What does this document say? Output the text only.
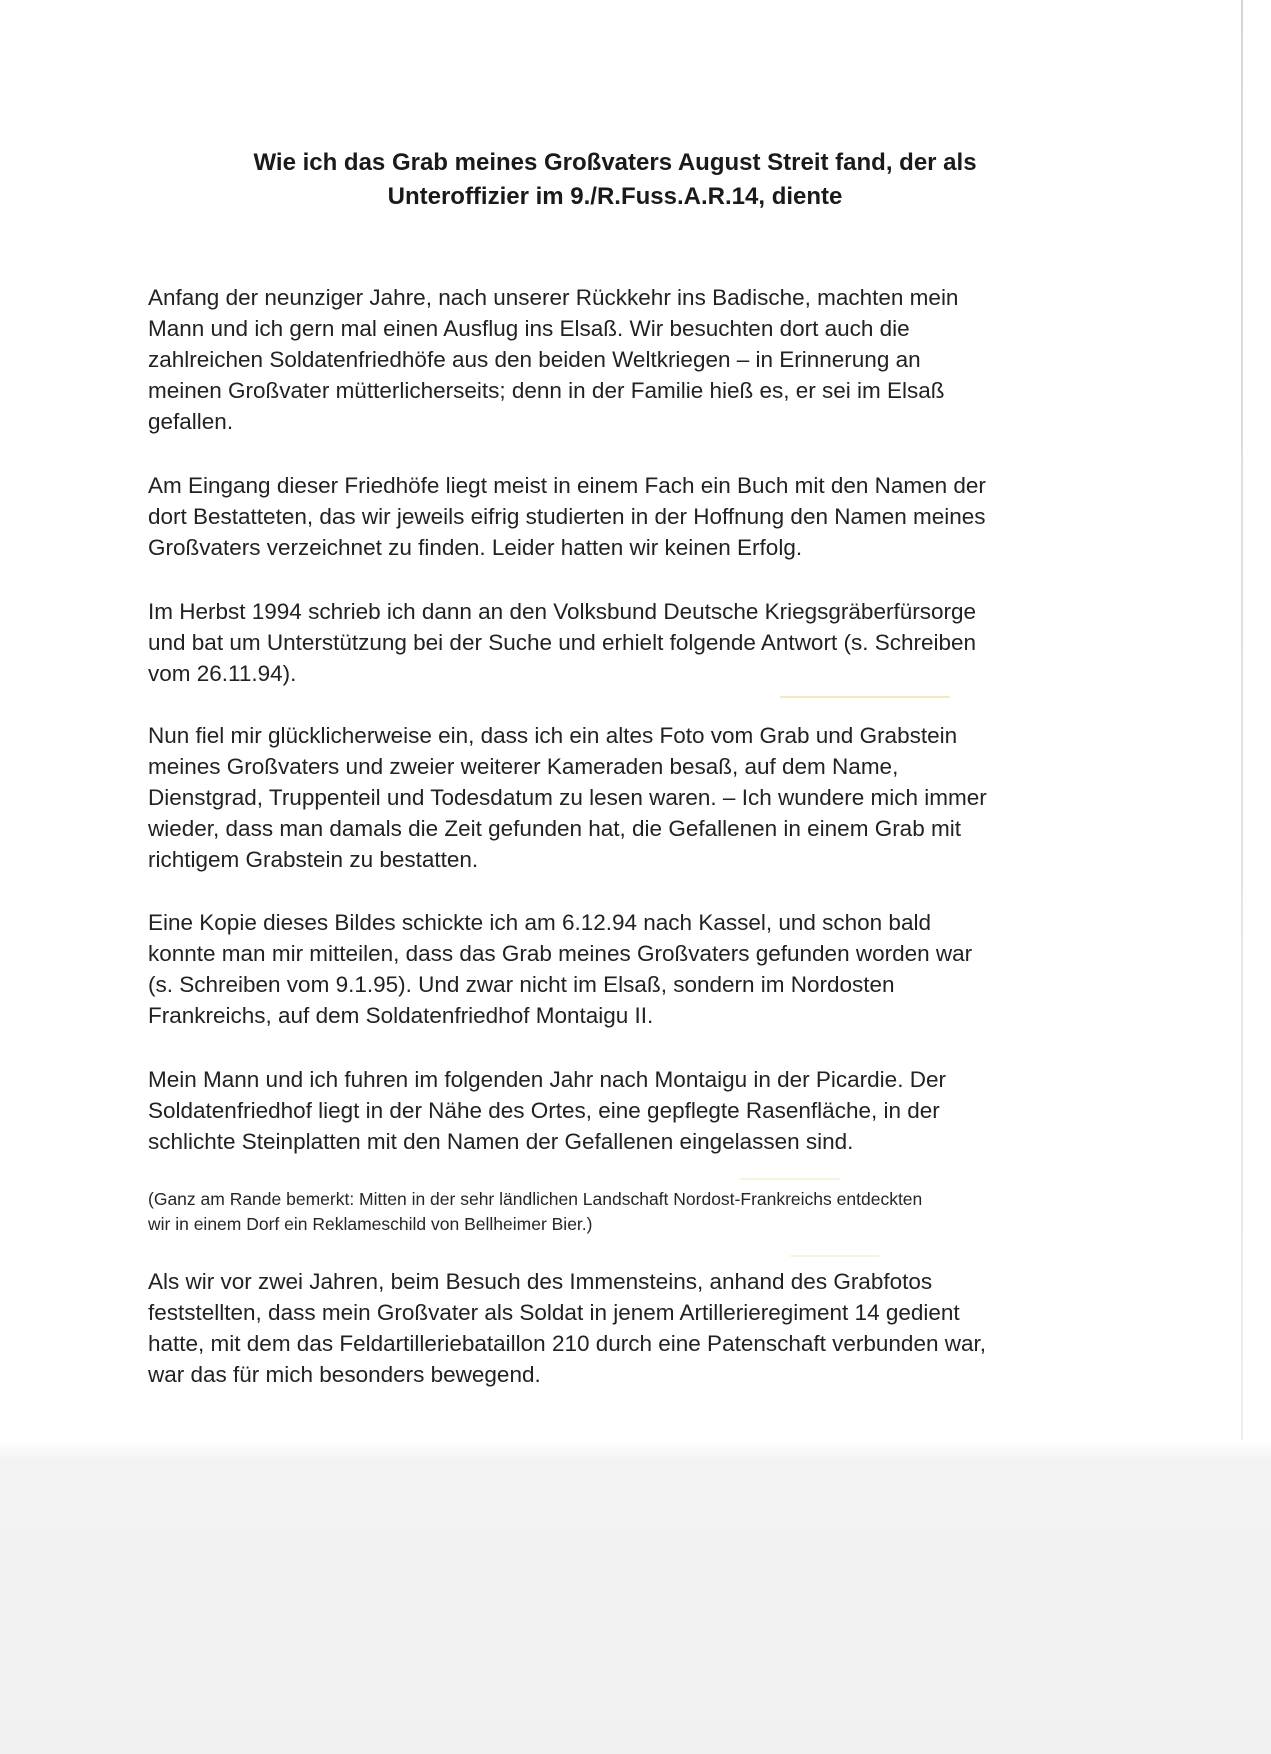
Wie ich das Grab meines Großvaters August Streit fand, der als
Unteroffizier im 9./R.Fuss.A.R.14, diente

Anfang der neunziger Jahre, nach unserer Rückkehr ins Badische, machten mein
Mann und ich gern mal einen Ausflug ins Elsaß. Wir besuchten dort auch die
zahlreichen Soldatenfriedhöfe aus den beiden Weltkriegen – in Erinnerung an
meinen Großvater mütterlicherseits; denn in der Familie hieß es, er sei im Elsaß
gefallen.

Am Eingang dieser Friedhöfe liegt meist in einem Fach ein Buch mit den Namen der
dort Bestatteten, das wir jeweils eifrig studierten in der Hoffnung den Namen meines
Großvaters verzeichnet zu finden. Leider hatten wir keinen Erfolg.

Im Herbst 1994 schrieb ich dann an den Volksbund Deutsche Kriegsgräberfürsorge
und bat um Unterstützung bei der Suche und erhielt folgende Antwort (s. Schreiben
vom 26.11.94).

Nun fiel mir glücklicherweise ein, dass ich ein altes Foto vom Grab und Grabstein
meines Großvaters und zweier weiterer Kameraden besaß, auf dem Name,
Dienstgrad, Truppenteil und Todesdatum zu lesen waren. – Ich wundere mich immer
wieder, dass man damals die Zeit gefunden hat, die Gefallenen in einem Grab mit
richtigem Grabstein zu bestatten.

Eine Kopie dieses Bildes schickte ich am 6.12.94 nach Kassel, und schon bald
konnte man mir mitteilen, dass das Grab meines Großvaters gefunden worden war
(s. Schreiben vom 9.1.95). Und zwar nicht im Elsaß, sondern im Nordosten
Frankreichs, auf dem Soldatenfriedhof Montaigu II.

Mein Mann und ich fuhren im folgenden Jahr nach Montaigu in der Picardie. Der
Soldatenfriedhof liegt in der Nähe des Ortes, eine gepflegte Rasenfläche, in der
schlichte Steinplatten mit den Namen der Gefallenen eingelassen sind.

(Ganz am Rande bemerkt: Mitten in der sehr ländlichen Landschaft Nordost-Frankreichs entdeckten
wir in einem Dorf ein Reklameschild von Bellheimer Bier.)

Als wir vor zwei Jahren, beim Besuch des Immensteins, anhand des Grabfotos
feststellten, dass mein Großvater als Soldat in jenem Artillerieregiment 14 gedient
hatte, mit dem das Feldartilleriebataillon 210 durch eine Patenschaft verbunden war,
war das für mich besonders bewegend.
